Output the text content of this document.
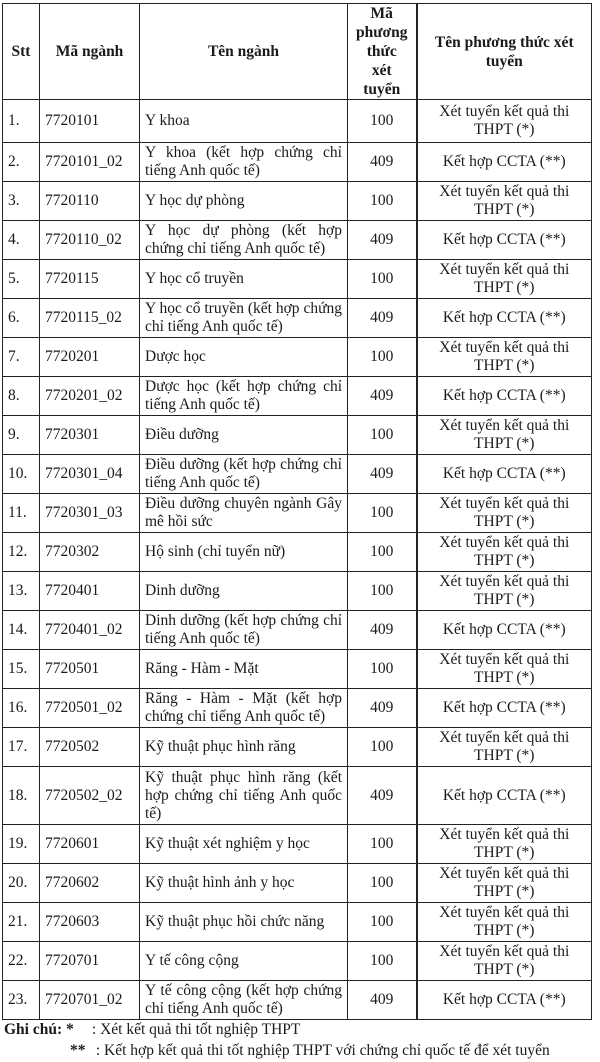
Stt	Mã ngành	Tên ngành	Mã
phương
thức
xét
tuyển	Tên phương thức xét tuyển
1.	7720101	Y khoa	100	Xét tuyển kết quả thi THPT (*)
2.	7720101_02	Y khoa (kết hợp chứng chỉ tiếng Anh quốc tế)	409	Kết hợp CCTA (**)
3.	7720110	Y học dự phòng	100	Xét tuyển kết quả thi THPT (*)
4.	7720110_02	Y học dự phòng (kết hợp chứng chỉ tiếng Anh quốc tế)	409	Kết hợp CCTA (**)
5.	7720115	Y học cổ truyền	100	Xét tuyển kết quả thi THPT (*)
6.	7720115_02	Y học cổ truyền (kết hợp chứng chỉ tiếng Anh quốc tế)	409	Kết hợp CCTA (**)
7.	7720201	Dược học	100	Xét tuyển kết quả thi THPT (*)
8.	7720201_02	Dược học (kết hợp chứng chỉ tiếng Anh quốc tế)	409	Kết hợp CCTA (**)
9.	7720301	Điều dưỡng	100	Xét tuyển kết quả thi THPT (*)
10.	7720301_04	Điều dưỡng (kết hợp chứng chỉ tiếng Anh quốc tế)	409	Kết hợp CCTA (**)
11.	7720301_03	Điều dưỡng chuyên ngành Gây mê hồi sức	100	Xét tuyển kết quả thi THPT (*)
12.	7720302	Hộ sinh (chỉ tuyển nữ)	100	Xét tuyển kết quả thi THPT (*)
13.	7720401	Dinh dưỡng	100	Xét tuyển kết quả thi THPT (*)
14.	7720401_02	Dinh dưỡng (kết hợp chứng chỉ tiếng Anh quốc tế)	409	Kết hợp CCTA (**)
15.	7720501	Răng - Hàm - Mặt	100	Xét tuyển kết quả thi THPT (*)
16.	7720501_02	Răng - Hàm - Mặt (kết hợp chứng chỉ tiếng Anh quốc tế)	409	Kết hợp CCTA (**)
17.	7720502	Kỹ thuật phục hình răng	100	Xét tuyển kết quả thi THPT (*)
18.	7720502_02	Kỹ thuật phục hình răng (kết hợp chứng chỉ tiếng Anh quốc tế)	409	Kết hợp CCTA (**)
19.	7720601	Kỹ thuật xét nghiệm y học	100	Xét tuyển kết quả thi THPT (*)
20.	7720602	Kỹ thuật hình ảnh y học	100	Xét tuyển kết quả thi THPT (*)
21.	7720603	Kỹ thuật phục hồi chức năng	100	Xét tuyển kết quả thi THPT (*)
22.	7720701	Y tế công cộng	100	Xét tuyển kết quả thi THPT (*)
23.	7720701_02	Y tế công cộng (kết hợp chứng chỉ tiếng Anh quốc tế)	409	Kết hợp CCTA (**)
Ghi chú: * : Xét kết quả thi tốt nghiệp THPT
** : Kết hợp kết quả thi tốt nghiệp THPT với chứng chỉ quốc tế để xét tuyển
